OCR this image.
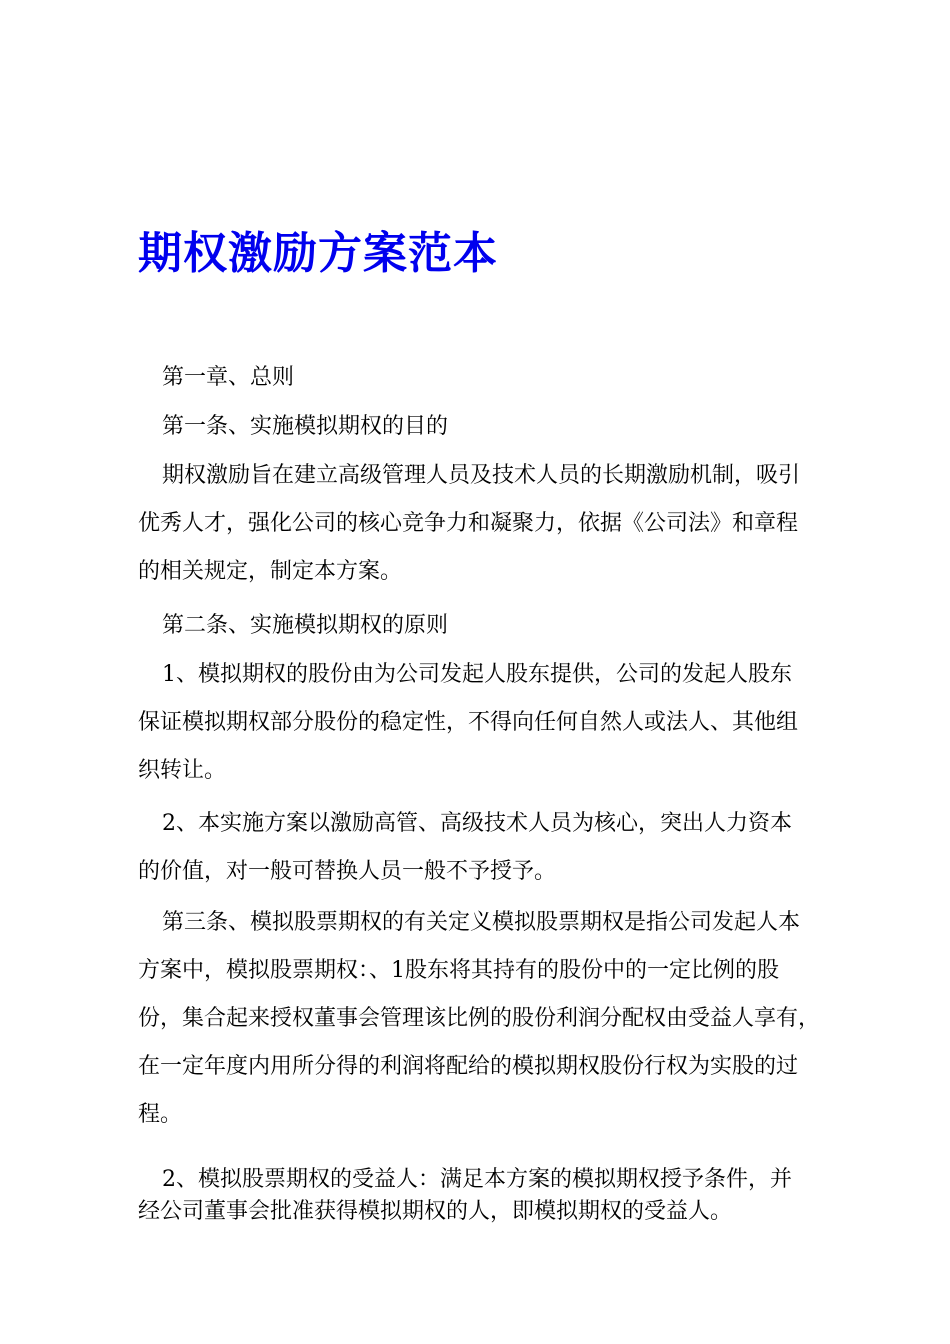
期权激励方案范本

第一章、总则

第一条、实施模拟期权的目的

期权激励旨在建立高级管理人员及技术人员的长期激励机制，吸引
优秀人才，强化公司的核心竞争力和凝聚力，依据《公司法》和章程
的相关规定，制定本方案。

第二条、实施模拟期权的原则

1、模拟期权的股份由为公司发起人股东提供，公司的发起人股东
保证模拟期权部分股份的稳定性，不得向任何自然人或法人、其他组
织转让。

2、本实施方案以激励高管、高级技术人员为核心，突出人力资本
的价值，对一般可替换人员一般不予授予。

第三条、模拟股票期权的有关定义模拟股票期权是指公司发起人本
方案中，模拟股票期权：、1股东将其持有的股份中的一定比例的股
份，集合起来授权董事会管理该比例的股份利润分配权由受益人享有，
在一定年度内用所分得的利润将配给的模拟期权股份行权为实股的过
程。

2、模拟股票期权的受益人：满足本方案的模拟期权授予条件，并
经公司董事会批准获得模拟期权的人，即模拟期权的受益人。
